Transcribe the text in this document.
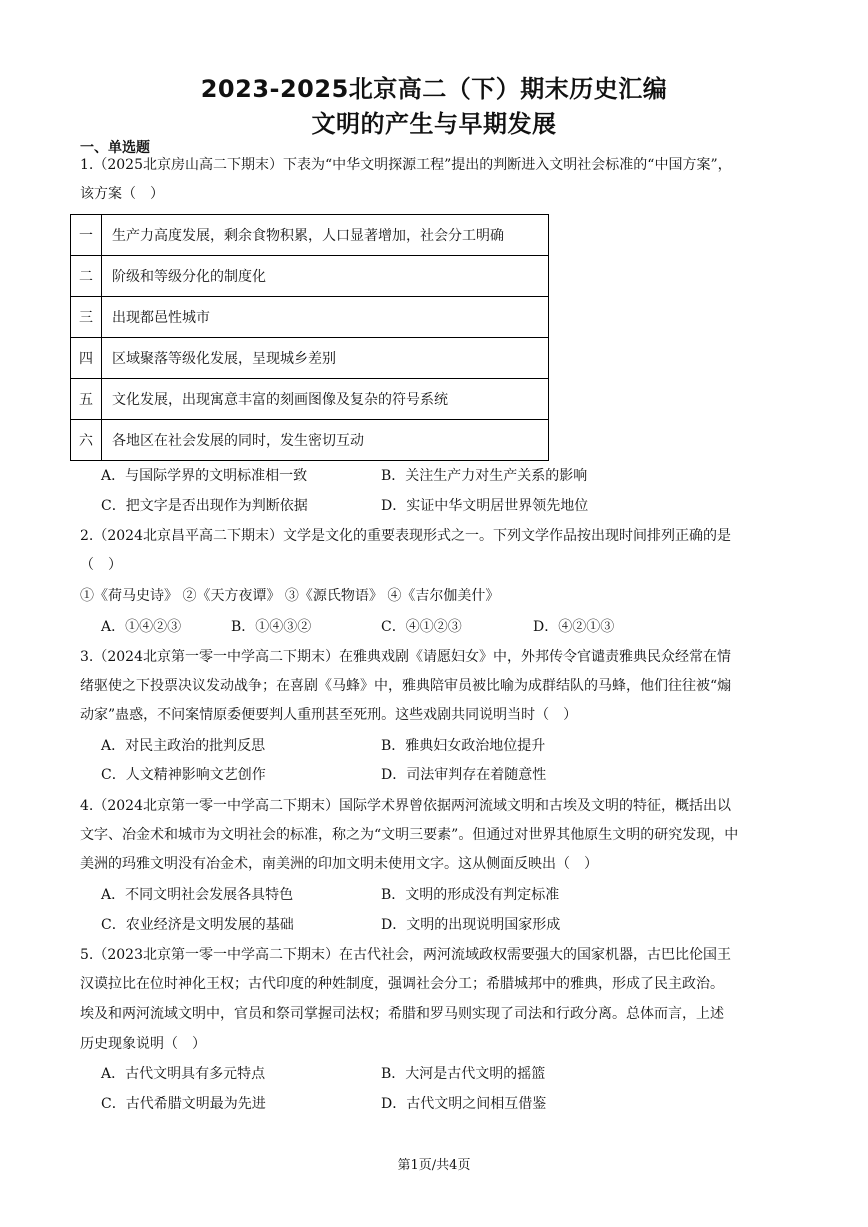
2023-2025北京高二（下）期末历史汇编
文明的产生与早期发展
一、单选题
1.（2025北京房山高二下期末）下表为“中华文明探源工程”提出的判断进入文明社会标准的“中国方案”，
该方案（　）
一	生产力高度发展，剩余食物积累，人口显著增加，社会分工明确
二	阶级和等级分化的制度化
三	出现都邑性城市
四	区域聚落等级化发展，呈现城乡差别
五	文化发展，出现寓意丰富的刻画图像及复杂的符号系统
六	各地区在社会发展的同时，发生密切互动
A．与国际学界的文明标准相一致	B．关注生产力对生产关系的影响
C．把文字是否出现作为判断依据	D．实证中华文明居世界领先地位
2.（2024北京昌平高二下期末）文学是文化的重要表现形式之一。下列文学作品按出现时间排列正确的是
（　）
①《荷马史诗》 ②《天方夜谭》 ③《源氏物语》 ④《吉尔伽美什》
A．①④②③	B．①④③②	C．④①②③	D．④②①③
3.（2024北京第一零一中学高二下期末）在雅典戏剧《请愿妇女》中，外邦传令官谴责雅典民众经常在情
绪驱使之下投票决议发动战争；在喜剧《马蜂》中，雅典陪审员被比喻为成群结队的马蜂，他们往往被“煽
动家”蛊惑，不问案情原委便要判人重刑甚至死刑。这些戏剧共同说明当时（　）
A．对民主政治的批判反思	B．雅典妇女政治地位提升
C．人文精神影响文艺创作	D．司法审判存在着随意性
4.（2024北京第一零一中学高二下期末）国际学术界曾依据两河流域文明和古埃及文明的特征，概括出以
文字、冶金术和城市为文明社会的标准，称之为“文明三要素”。但通过对世界其他原生文明的研究发现，中
美洲的玛雅文明没有冶金术，南美洲的印加文明未使用文字。这从侧面反映出（　）
A．不同文明社会发展各具特色	B．文明的形成没有判定标准
C．农业经济是文明发展的基础	D．文明的出现说明国家形成
5.（2023北京第一零一中学高二下期末）在古代社会，两河流域政权需要强大的国家机器，古巴比伦国王
汉谟拉比在位时神化王权；古代印度的种姓制度，强调社会分工；希腊城邦中的雅典，形成了民主政治。
埃及和两河流域文明中，官员和祭司掌握司法权；希腊和罗马则实现了司法和行政分离。总体而言，上述
历史现象说明（　）
A．古代文明具有多元特点	B．大河是古代文明的摇篮
C．古代希腊文明最为先进	D．古代文明之间相互借鉴
第1页/共4页
